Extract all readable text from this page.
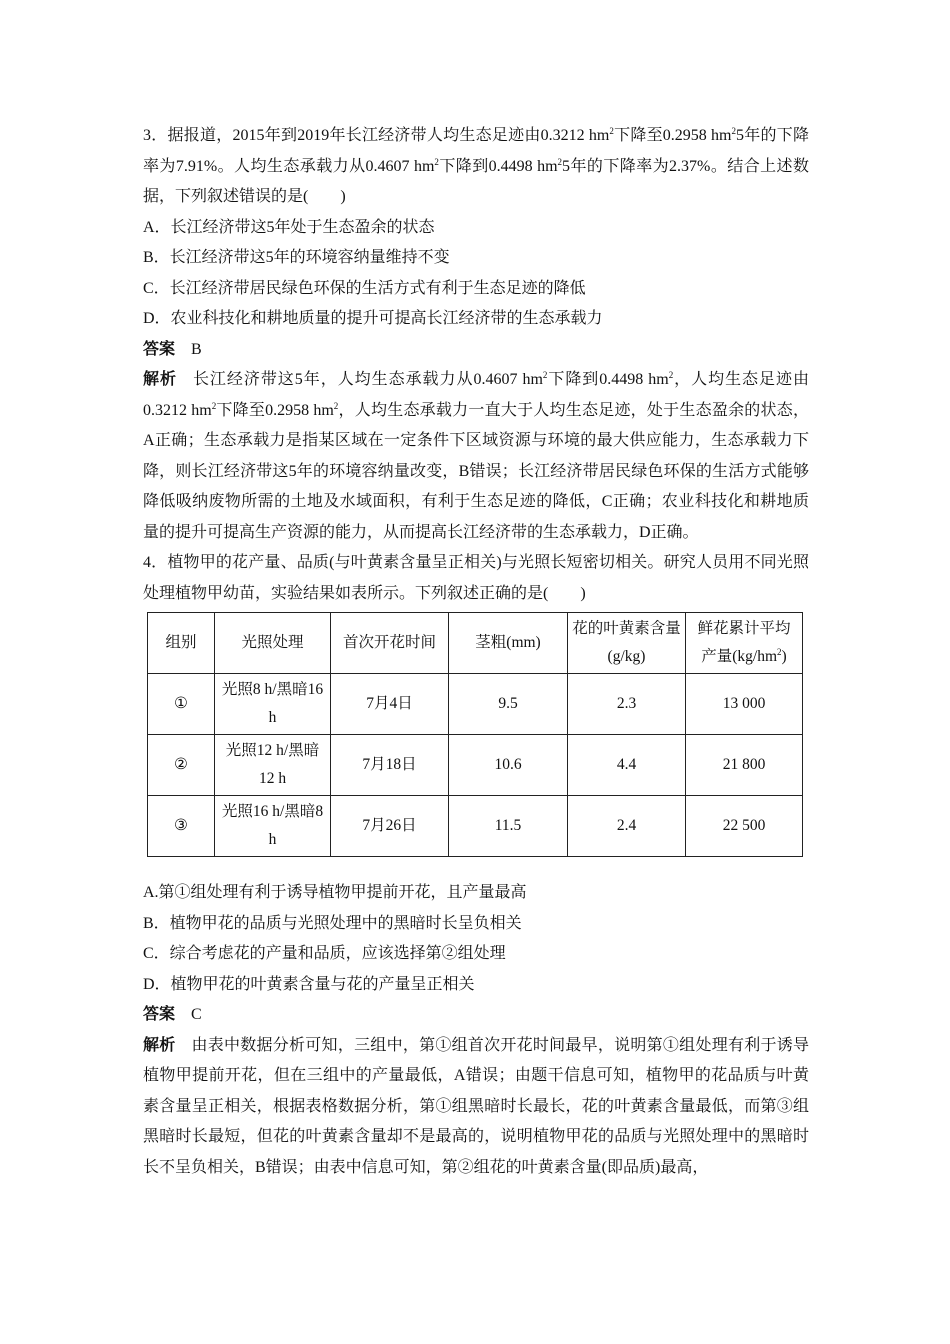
3．据报道，2015年到2019年长江经济带人均生态足迹由0.3212 $hm^2$下降至0.2958 $hm^25$年的下降率为7.91%。人均生态承载力从0.4607 $hm^2$下降到0.4498 $hm^25$年的下降率为2.37%。结合上述数据，下列叙述错误的是(　　)

A．长江经济带这5年处于生态盈余的状态

B．长江经济带这5年的环境容纳量维持不变

C．长江经济带居民绿色环保的生活方式有利于生态足迹的降低

D．农业科技化和耕地质量的提升可提高长江经济带的生态承载力

答案 B

解析 长江经济带这5年，人均生态承载力从0.4607 $hm^2$下降到0.4498 $hm^2$，人均生态足迹由0.3212 $hm^2$下降至0.2958 $hm^2$，人均生态承载力一直大于人均生态足迹，处于生态盈余的状态，A正确；生态承载力是指某区域在一定条件下区域资源与环境的最大供应能力，生态承载力下降，则长江经济带这5年的环境容纳量改变，B错误；长江经济带居民绿色环保的生活方式能够降低吸纳废物所需的土地及水域面积，有利于生态足迹的降低，C正确；农业科技化和耕地质量的提升可提高生产资源的能力，从而提高长江经济带的生态承载力，D正确。

4．植物甲的花产量、品质(与叶黄素含量呈正相关)与光照长短密切相关。研究人员用不同光照处理植物甲幼苗，实验结果如表所示。下列叙述正确的是(　　)

组别	光照处理	首次开花时间	茎粗(mm)	花的叶黄素含量(g/kg)	鲜花累计平均产量$(kg/hm^2)$
①	光照8 h/黑暗16 h	7月4日	9.5	2.3	13 000
②	光照12 h/黑暗12 h	7月18日	10.6	4.4	21 800
③	光照16 h/黑暗8 h	7月26日	11.5	2.4	22 500

A.第①组处理有利于诱导植物甲提前开花，且产量最高

B．植物甲花的品质与光照处理中的黑暗时长呈负相关

C．综合考虑花的产量和品质，应该选择第②组处理

D．植物甲花的叶黄素含量与花的产量呈正相关

答案 C

解析 由表中数据分析可知，三组中，第①组首次开花时间最早，说明第①组处理有利于诱导植物甲提前开花，但在三组中的产量最低，A错误；由题干信息可知，植物甲的花品质与叶黄素含量呈正相关，根据表格数据分析，第①组黑暗时长最长，花的叶黄素含量最低，而第③组黑暗时长最短，但花的叶黄素含量却不是最高的，说明植物甲花的品质与光照处理中的黑暗时长不呈负相关，B错误；由表中信息可知，第②组花的叶黄素含量(即品质)最高，
